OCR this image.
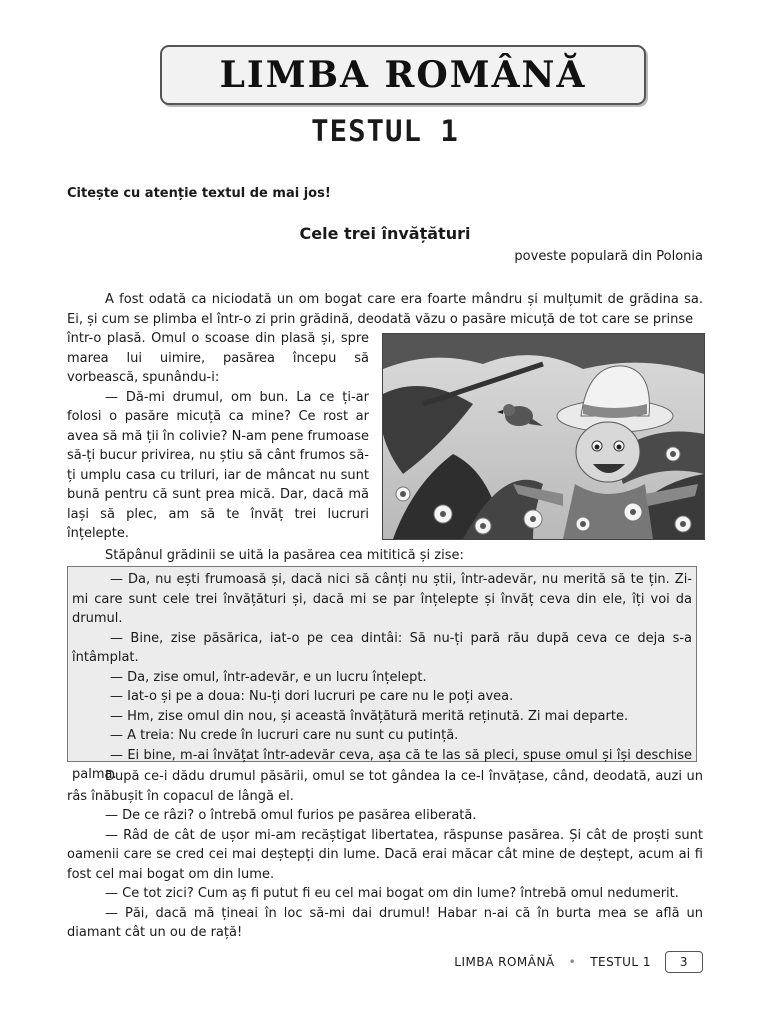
LIMBA ROMÂNĂ
TESTUL 1
Citește cu atenție textul de mai jos!
Cele trei învățături
poveste populară din Polonia
A fost odată ca niciodată un om bogat care era foarte mândru și mulțumit de grădina sa. Ei, și cum se plimba el într-o zi prin grădină, deodată văzu o pasăre micuță de tot care se prinse

într-o plasă. Omul o scoase din plasă și, spre marea lui uimire, pasărea începu să vorbească, spunându-i:

— Dă-mi drumul, om bun. La ce ți-ar folosi o pasăre micuță ca mine? Ce rost ar avea să mă ții în colivie? N-am pene frumoase să-ți bucur privirea, nu știu să cânt frumos să-ți umplu casa cu triluri, iar de mâncat nu sunt bună pentru că sunt prea mică. Dar, dacă mă lași să plec, am să te învăț trei lucruri înțelepte.

Stăpânul grădinii se uită la pasărea cea mititică și zise:

— Da, nu ești frumoasă și, dacă nici să cânți nu știi, într-adevăr, nu merită să te țin. Zi-mi care sunt cele trei învățături și, dacă mi se par înțelepte și învăț ceva din ele, îți voi da drumul.

— Bine, zise păsărica, iat-o pe cea dintâi: Să nu-ți pară rău după ceva ce deja s-a întâmplat.

— Da, zise omul, într-adevăr, e un lucru înțelept.

— Iat-o și pe a doua: Nu-ți dori lucruri pe care nu le poți avea.

— Hm, zise omul din nou, și această învățătură merită reținută. Zi mai departe.

— A treia: Nu crede în lucruri care nu sunt cu putință.

— Ei bine, m-ai învățat într-adevăr ceva, așa că te las să pleci, spuse omul și își deschise palma.

După ce-i dădu drumul păsării, omul se tot gândea la ce-l învățase, când, deodată, auzi un râs înăbușit în copacul de lângă el.

— De ce râzi? o întrebă omul furios pe pasărea eliberată.

— Râd de cât de ușor mi-am recăștigat libertatea, răspunse pasărea. Și cât de proști sunt oamenii care se cred cei mai deștepți din lume. Dacă erai măcar cât mine de deștept, acum ai fi fost cel mai bogat om din lume.

— Ce tot zici? Cum aș fi putut fi eu cel mai bogat om din lume? întrebă omul nedumerit.

— Păi, dacă mă țineai în loc să-mi dai drumul! Habar n-ai că în burta mea se află un diamant cât un ou de rață!

LIMBA ROMÂNĂ • TESTUL 1	3
